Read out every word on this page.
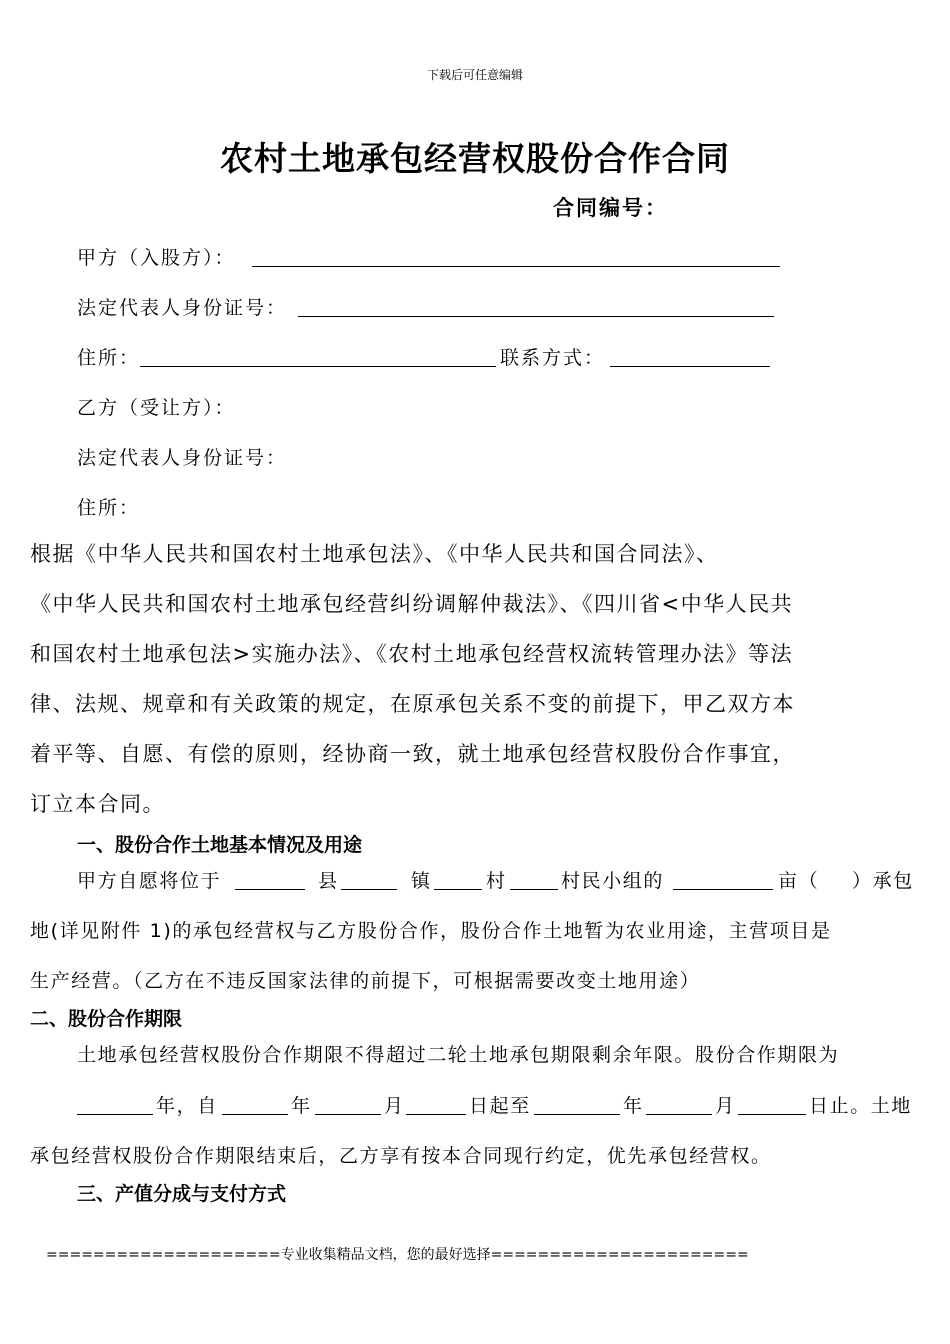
下载后可任意编辑
农村土地承包经营权股份合作合同
合同编号：
甲方（入股方）：
法定代表人身份证号：
住所：	联系方式：
乙方（受让方）：
法定代表人身份证号：
住所：
根据《中华人民共和国农村土地承包法》、《中华人民共和国合同法》、
《中华人民共和国农村土地承包经营纠纷调解仲裁法》、《四川省<中华人民共
和国农村土地承包法>实施办法》、《农村土地承包经营权流转管理办法》等法
律、法规、规章和有关政策的规定，在原承包关系不变的前提下，甲乙双方本
着平等、自愿、有偿的原则，经协商一致，就土地承包经营权股份合作事宜，
订立本合同。
一、股份合作土地基本情况及用途
甲方自愿将位于	县	镇	村	村民小组的	亩（ ）承包
地(详见附件 1)的承包经营权与乙方股份合作，股份合作土地暂为农业用途，主营项目是
生产经营。（乙方在不违反国家法律的前提下，可根据需要改变土地用途）
二、股份合作期限
土地承包经营权股份合作期限不得超过二轮土地承包期限剩余年限。股份合作期限为
年，自	年	月	日起至	年	月	日止。土地
承包经营权股份合作期限结束后，乙方享有按本合同现行约定，优先承包经营权。
三、产值分成与支付方式
====================专业收集精品文档，您的最好选择======================
